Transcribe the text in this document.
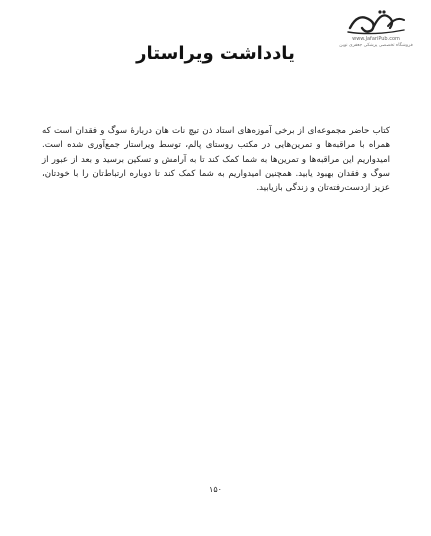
www.JafariPub.com
فروشگاه تخصصی پزشکی جعفری نوین
یادداشت ویراستار
کتاب حاضر مجموعه‌ای از برخی آموزه‌های استاد ذن تیچ نات هان دربارهٔ سوگ و فقدان است که همراه با مراقبه‌ها و تمرین‌هایی در مکتب روستای پالم، توسط ویراستار جمع‌آوری شده است. امیدواریم این مراقبه‌ها و تمرین‌ها به شما کمک کند تا به آرامش و تسکین برسید و بعد از عبور از سوگ و فقدان بهبود یابید. همچنین امیدواریم به شما کمک کند تا دوباره ارتباط‌تان را با خودتان، عزیز ازدست‌رفته‌تان و زندگی بازیابید.
۱۵۰
